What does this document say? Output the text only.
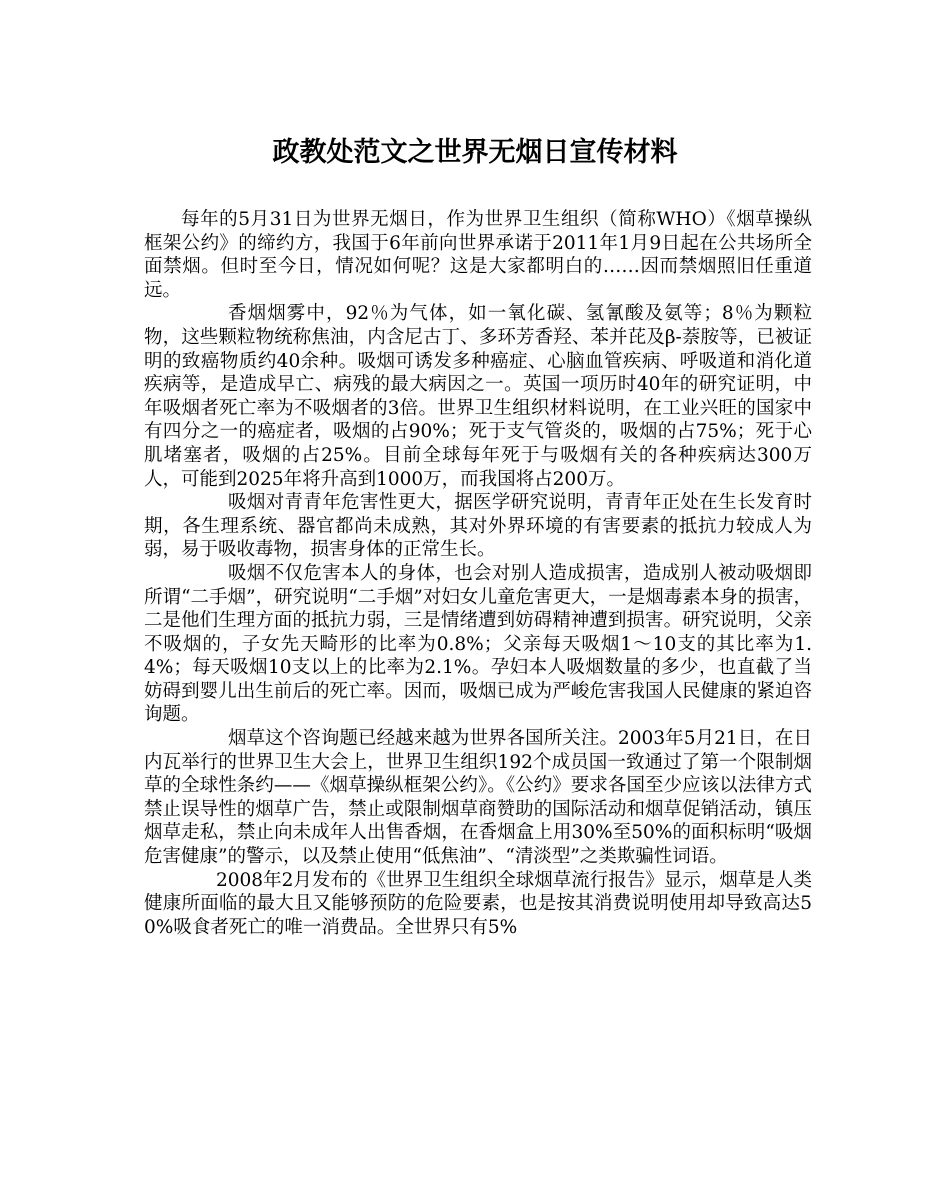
政教处范文之世界无烟日宣传材料

每年的5月31日为世界无烟日，作为世界卫生组织（简称WHO）《烟草操纵框架公约》的缔约方，我国于6年前向世界承诺于2011年1月9日起在公共场所全面禁烟。但时至今日，情况如何呢？这是大家都明白的……因而禁烟照旧任重道远。

香烟烟雾中，92％为气体，如一氧化碳、氢氰酸及氨等；8％为颗粒物，这些颗粒物统称焦油，内含尼古丁、多环芳香羟、苯并芘及β-萘胺等，已被证明的致癌物质约40余种。吸烟可诱发多种癌症、心脑血管疾病、呼吸道和消化道疾病等，是造成早亡、病残的最大病因之一。英国一项历时40年的研究证明，中年吸烟者死亡率为不吸烟者的3倍。世界卫生组织材料说明，在工业兴旺的国家中有四分之一的癌症者，吸烟的占90%；死于支气管炎的，吸烟的占75%；死于心肌堵塞者，吸烟的占25%。目前全球每年死于与吸烟有关的各种疾病达300万人，可能到2025年将升高到1000万，而我国将占200万。

吸烟对青青年危害性更大，据医学研究说明，青青年正处在生长发育时期，各生理系统、器官都尚未成熟，其对外界环境的有害要素的抵抗力较成人为弱，易于吸收毒物，损害身体的正常生长。

吸烟不仅危害本人的身体，也会对别人造成损害，造成别人被动吸烟即所谓“二手烟”，研究说明“二手烟”对妇女儿童危害更大，一是烟毒素本身的损害，二是他们生理方面的抵抗力弱，三是情绪遭到妨碍精神遭到损害。研究说明，父亲不吸烟的，子女先天畸形的比率为0.8%；父亲每天吸烟1～10支的其比率为1.4%；每天吸烟10支以上的比率为2.1%。孕妇本人吸烟数量的多少，也直截了当妨碍到婴儿出生前后的死亡率。因而，吸烟已成为严峻危害我国人民健康的紧迫咨询题。

烟草这个咨询题已经越来越为世界各国所关注。2003年5月21日，在日内瓦举行的世界卫生大会上，世界卫生组织192个成员国一致通过了第一个限制烟草的全球性条约——《烟草操纵框架公约》。《公约》要求各国至少应该以法律方式禁止误导性的烟草广告，禁止或限制烟草商赞助的国际活动和烟草促销活动，镇压烟草走私，禁止向未成年人出售香烟，在香烟盒上用30%至50%的面积标明“吸烟危害健康”的警示，以及禁止使用“低焦油”、“清淡型”之类欺骗性词语。

2008年2月发布的《世界卫生组织全球烟草流行报告》显示，烟草是人类健康所面临的最大且又能够预防的危险要素，也是按其消费说明使用却导致高达50%吸食者死亡的唯一消费品。全世界只有5%
